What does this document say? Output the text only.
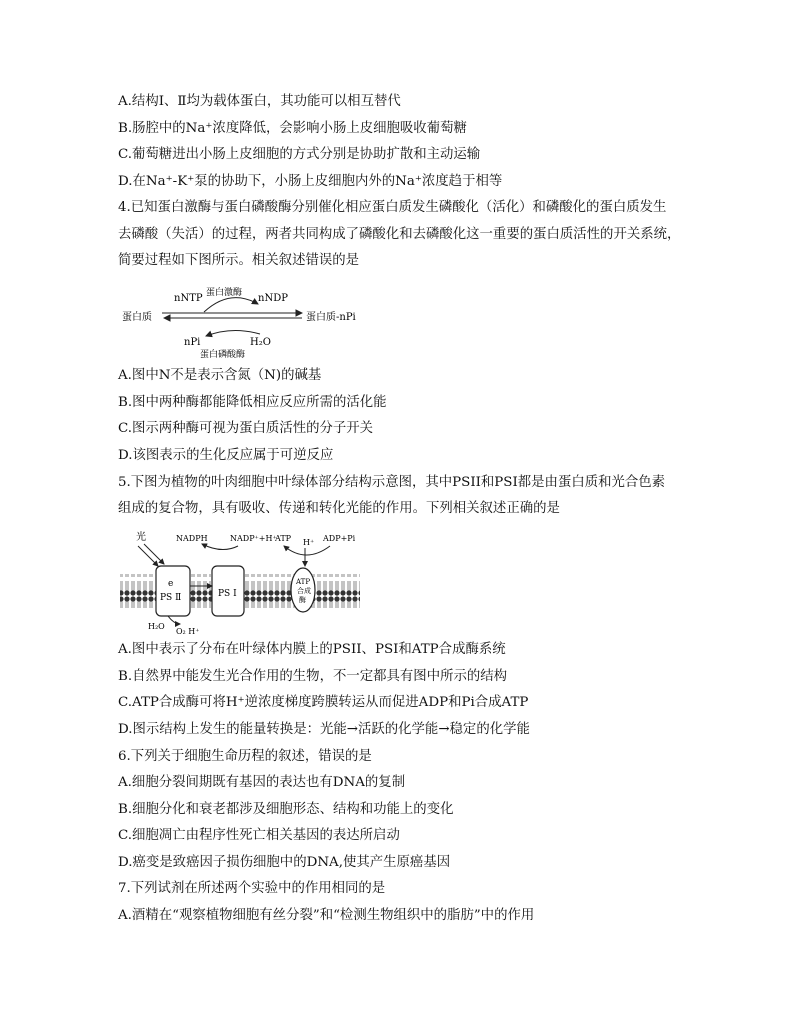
A.结构Ⅰ、Ⅱ均为载体蛋白，其功能可以相互替代
B.肠腔中的Na⁺浓度降低，会影响小肠上皮细胞吸收葡萄糖
C.葡萄糖进出小肠上皮细胞的方式分别是协助扩散和主动运输
D.在Na⁺-K⁺泵的协助下，小肠上皮细胞内外的Na⁺浓度趋于相等
4.已知蛋白激酶与蛋白磷酸酶分别催化相应蛋白质发生磷酸化（活化）和磷酸化的蛋白质发生
去磷酸（失活）的过程，两者共同构成了磷酸化和去磷酸化这一重要的蛋白质活性的开关系统，
简要过程如下图所示。相关叙述错误的是
蛋白质	蛋白质-nPi
nNTP 蛋白激酶 nNDP
nPi	H₂O
蛋白磷酸酶
A.图中N不是表示含氮（N)的碱基
B.图中两种酶都能降低相应反应所需的活化能
C.图示两种酶可视为蛋白质活性的分子开关
D.该图表示的生化反应属于可逆反应
5.下图为植物的叶肉细胞中叶绿体部分结构示意图，其中PSII和PSI都是由蛋白质和光合色素
组成的复合物，具有吸收、传递和转化光能的作用。下列相关叙述正确的是
光
e
PS Ⅱ	PS Ⅰ
ATP
合成
酶
NADPH	NADP⁺+H⁺
ATP H⁺ ADP+Pi
H₂O
O₂ H⁺
A.图中表示了分布在叶绿体内膜上的PSII、PSI和ATP合成酶系统
B.自然界中能发生光合作用的生物，不一定都具有图中所示的结构
C.ATP合成酶可将H⁺逆浓度梯度跨膜转运从而促进ADP和Pi合成ATP
D.图示结构上发生的能量转换是：光能→活跃的化学能→稳定的化学能
6.下列关于细胞生命历程的叙述，错误的是
A.细胞分裂间期既有基因的表达也有DNA的复制
B.细胞分化和衰老都涉及细胞形态、结构和功能上的变化
C.细胞凋亡由程序性死亡相关基因的表达所启动
D.癌变是致癌因子损伤细胞中的DNA,使其产生原癌基因
7.下列试剂在所述两个实验中的作用相同的是
A.酒精在“观察植物细胞有丝分裂”和“检测生物组织中的脂肪”中的作用
